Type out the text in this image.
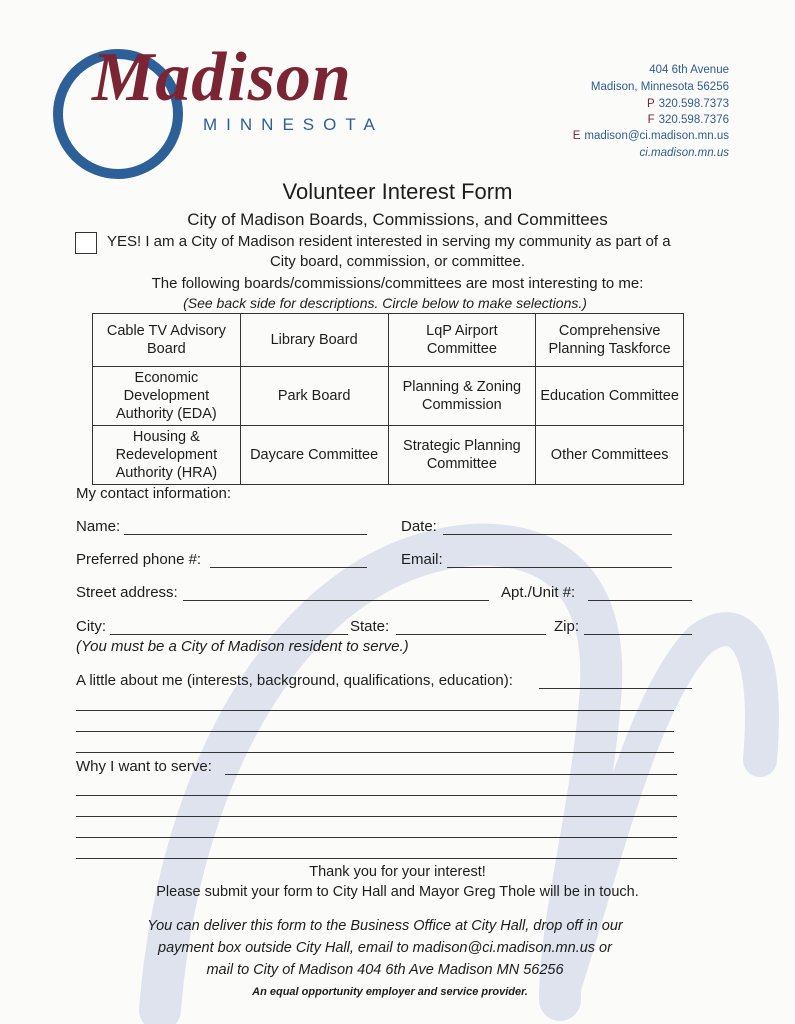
Madison
MINNESOTA
404 6th Avenue
Madison, Minnesota 56256
P 320.598.7373
F 320.598.7376
E madison@ci.madison.mn.us
ci.madison.mn.us
Volunteer Interest Form
City of Madison Boards, Commissions, and Committees
YES! I am a City of Madison resident interested in serving my community as part of a
City board, commission, or committee.
The following boards/commissions/committees are most interesting to me:
(See back side for descriptions. Circle below to make selections.)
Cable TV Advisory Board	Library Board	LqP Airport Committee	Comprehensive Planning Taskforce
Economic Development Authority (EDA)	Park Board	Planning & Zoning Commission	Education Committee
Housing & Redevelopment Authority (HRA)	Daycare Committee	Strategic Planning Committee	Other Committees
My contact information:
Name:	Date:
Preferred phone #:	Email:
Street address:	Apt./Unit #:
City:	State:	Zip:
(You must be a City of Madison resident to serve.)
A little about me (interests, background, qualifications, education):
Why I want to serve:
Thank you for your interest!
Please submit your form to City Hall and Mayor Greg Thole will be in touch.
You can deliver this form to the Business Office at City Hall, drop off in our
payment box outside City Hall, email to madison@ci.madison.mn.us or
mail to City of Madison 404 6th Ave Madison MN 56256
An equal opportunity employer and service provider.
